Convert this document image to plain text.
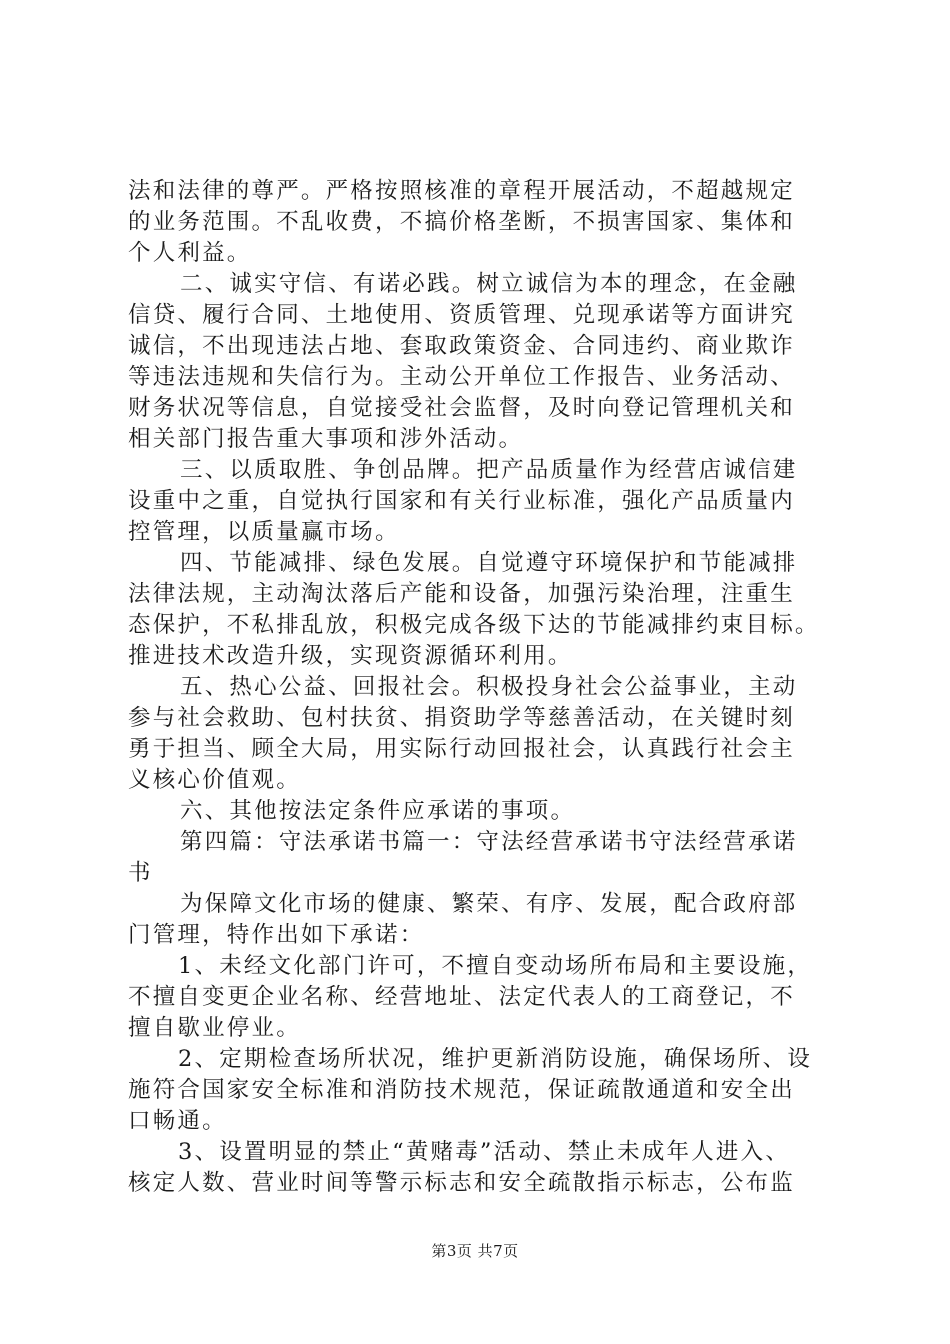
法和法律的尊严。严格按照核准的章程开展活动，不超越规定
的业务范围。不乱收费，不搞价格垄断，不损害国家、集体和
个人利益。
二、诚实守信、有诺必践。树立诚信为本的理念，在金融
信贷、履行合同、土地使用、资质管理、兑现承诺等方面讲究
诚信，不出现违法占地、套取政策资金、合同违约、商业欺诈
等违法违规和失信行为。主动公开单位工作报告、业务活动、
财务状况等信息，自觉接受社会监督，及时向登记管理机关和
相关部门报告重大事项和涉外活动。
三、以质取胜、争创品牌。把产品质量作为经营店诚信建
设重中之重，自觉执行国家和有关行业标准，强化产品质量内
控管理，以质量赢市场。
四、节能减排、绿色发展。自觉遵守环境保护和节能减排
法律法规，主动淘汰落后产能和设备，加强污染治理，注重生
态保护，不私排乱放，积极完成各级下达的节能减排约束目标。
推进技术改造升级，实现资源循环利用。
五、热心公益、回报社会。积极投身社会公益事业，主动
参与社会救助、包村扶贫、捐资助学等慈善活动，在关键时刻
勇于担当、顾全大局，用实际行动回报社会，认真践行社会主
义核心价值观。
六、其他按法定条件应承诺的事项。
第四篇：守法承诺书篇一：守法经营承诺书守法经营承诺
书
为保障文化市场的健康、繁荣、有序、发展，配合政府部
门管理，特作出如下承诺：
1、未经文化部门许可，不擅自变动场所布局和主要设施，
不擅自变更企业名称、经营地址、法定代表人的工商登记，不
擅自歇业停业。
2、定期检查场所状况，维护更新消防设施，确保场所、设
施符合国家安全标准和消防技术规范，保证疏散通道和安全出
口畅通。
3、设置明显的禁止“黄赌毒”活动、禁止未成年人进入、
核定人数、营业时间等警示标志和安全疏散指示标志，公布监
第3页 共7页
